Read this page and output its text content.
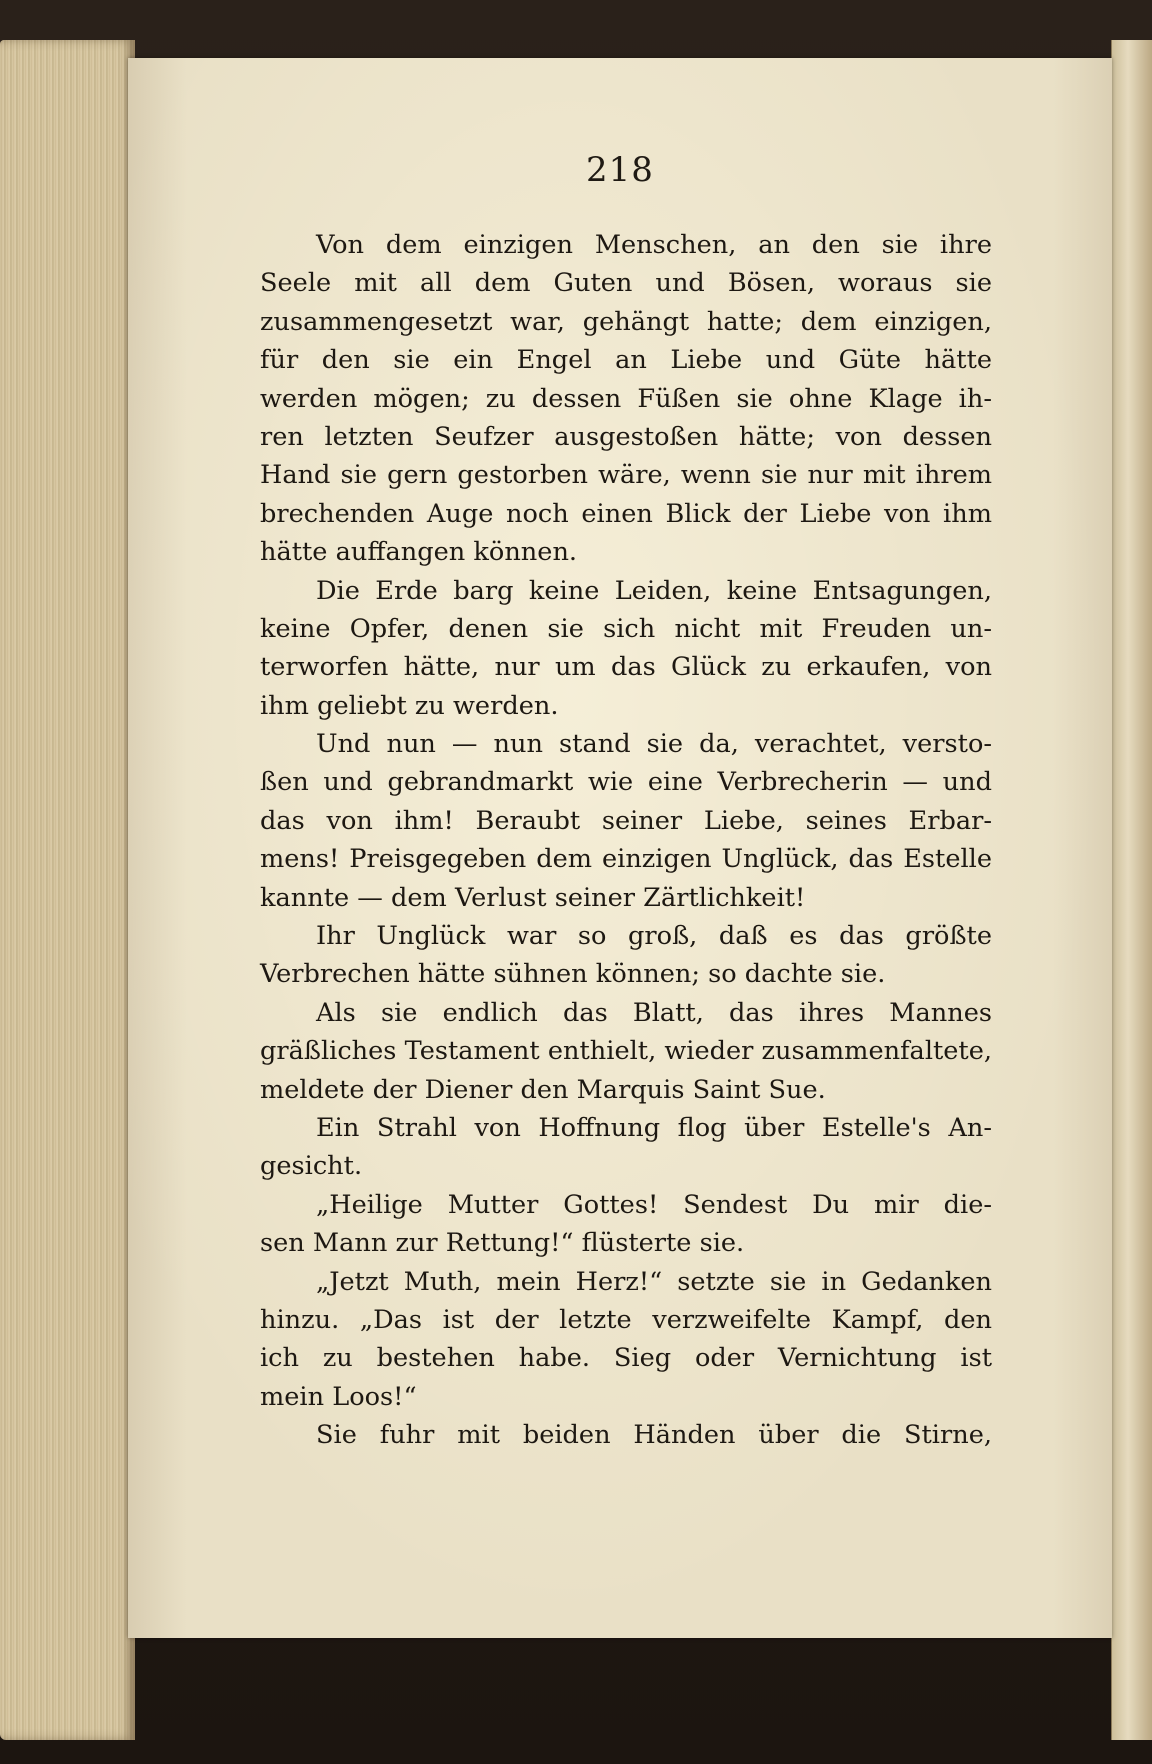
218
Von dem einzigen Menschen, an den sie ihre
Seele mit all dem Guten und Bösen, woraus sie
zusammengesetzt war, gehängt hatte; dem einzigen,
für den sie ein Engel an Liebe und Güte hätte
werden mögen; zu dessen Füßen sie ohne Klage ih-
ren letzten Seufzer ausgestoßen hätte; von dessen
Hand sie gern gestorben wäre, wenn sie nur mit ihrem
brechenden Auge noch einen Blick der Liebe von ihm
hätte auffangen können.
Die Erde barg keine Leiden, keine Entsagungen,
keine Opfer, denen sie sich nicht mit Freuden un-
terworfen hätte, nur um das Glück zu erkaufen, von
ihm geliebt zu werden.
Und nun — nun stand sie da, verachtet, versto-
ßen und gebrandmarkt wie eine Verbrecherin — und
das von ihm! Beraubt seiner Liebe, seines Erbar-
mens! Preisgegeben dem einzigen Unglück, das Estelle
kannte — dem Verlust seiner Zärtlichkeit!
Ihr Unglück war so groß, daß es das größte
Verbrechen hätte sühnen können; so dachte sie.
Als sie endlich das Blatt, das ihres Mannes
gräßliches Testament enthielt, wieder zusammenfaltete,
meldete der Diener den Marquis Saint Sue.
Ein Strahl von Hoffnung flog über Estelle's An-
gesicht.
„Heilige Mutter Gottes! Sendest Du mir die-
sen Mann zur Rettung!“ flüsterte sie.
„Jetzt Muth, mein Herz!“ setzte sie in Gedanken
hinzu. „Das ist der letzte verzweifelte Kampf, den
ich zu bestehen habe. Sieg oder Vernichtung ist
mein Loos!“
Sie fuhr mit beiden Händen über die Stirne,
